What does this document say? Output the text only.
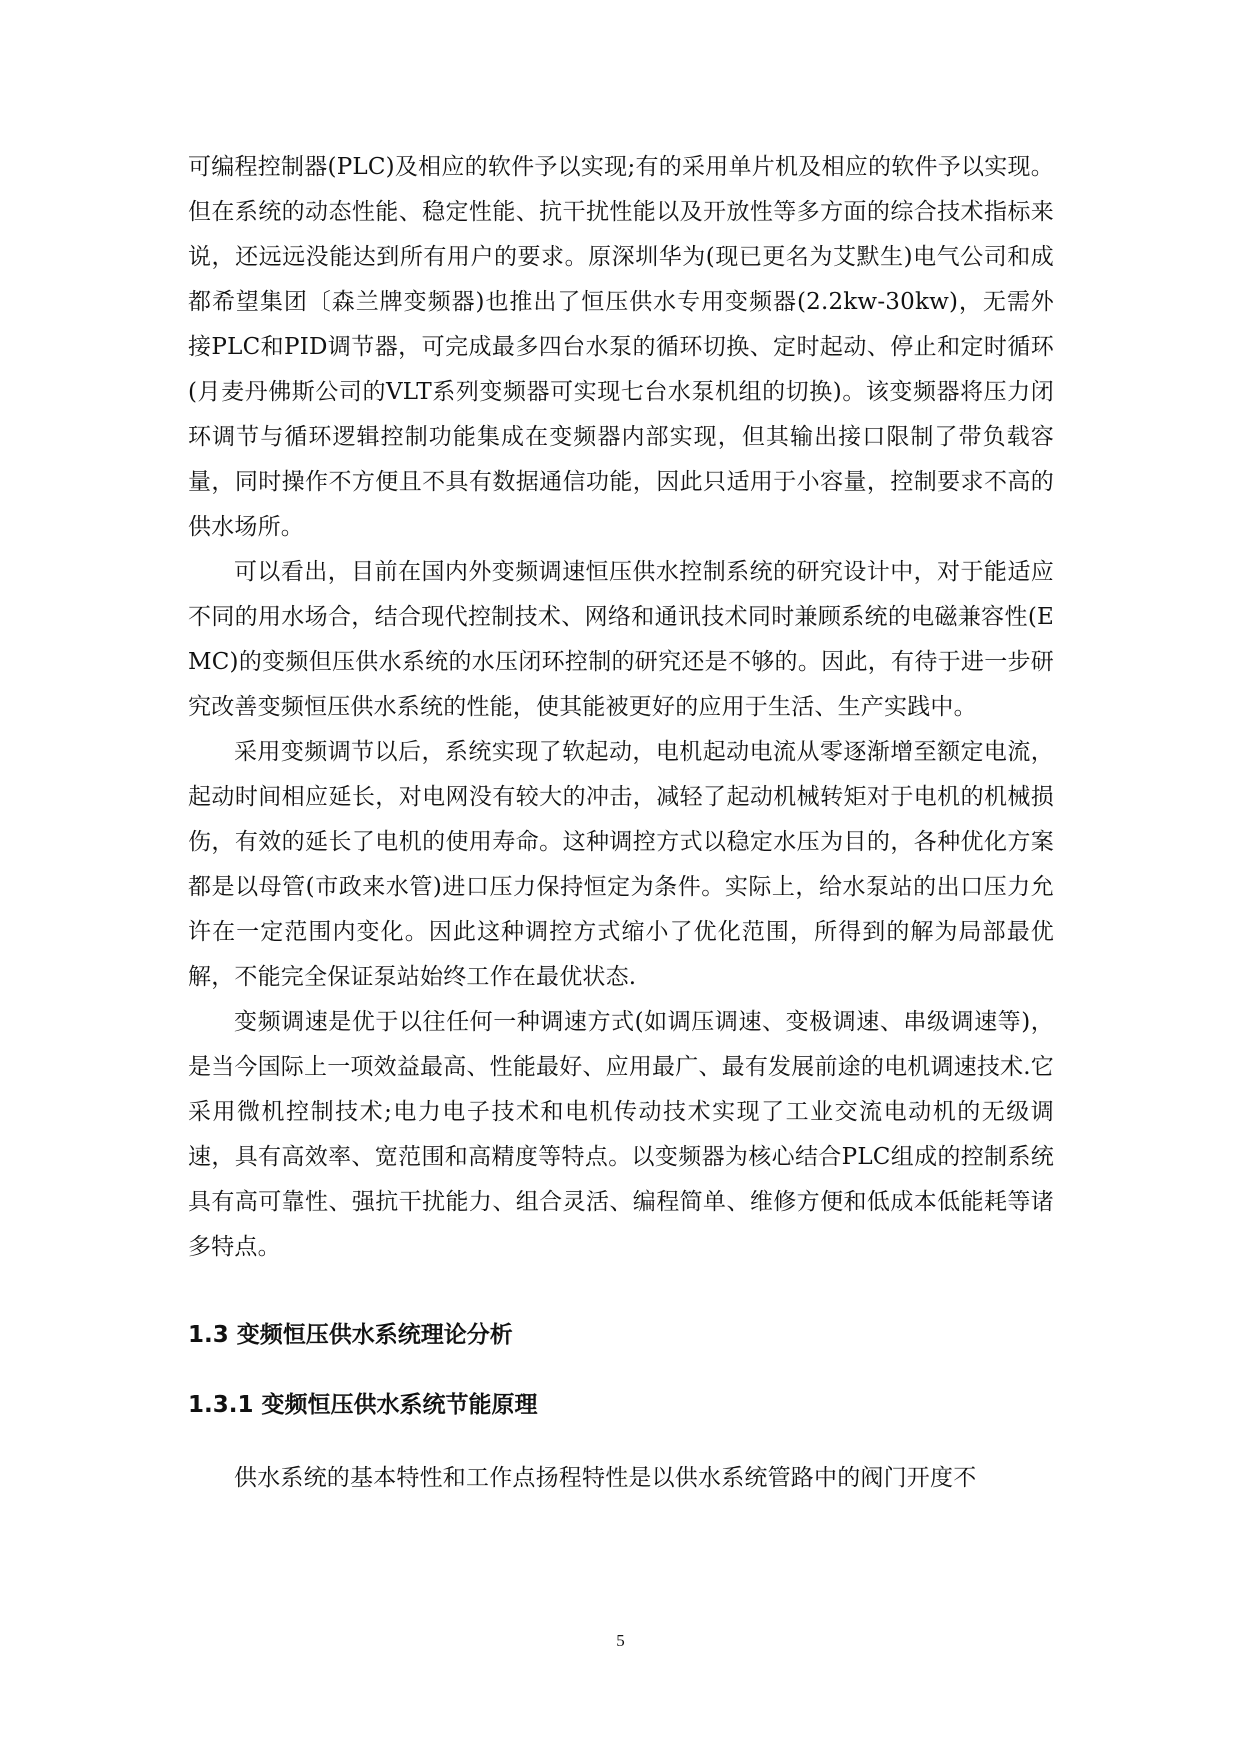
可编程控制器(PLC)及相应的软件予以实现;有的采用单片机及相应的软件予以实现。但在系统的动态性能、稳定性能、抗干扰性能以及开放性等多方面的综合技术指标来说，还远远没能达到所有用户的要求。原深圳华为(现已更名为艾默生)电气公司和成都希望集团〔森兰牌变频器)也推出了恒压供水专用变频器(2.2kw-30kw)，无需外接PLC和PID调节器，可完成最多四台水泵的循环切换、定时起动、停止和定时循环(月麦丹佛斯公司的VLT系列变频器可实现七台水泵机组的切换)。该变频器将压力闭环调节与循环逻辑控制功能集成在变频器内部实现，但其输出接口限制了带负载容量，同时操作不方便且不具有数据通信功能，因此只适用于小容量，控制要求不高的供水场所。

可以看出，目前在国内外变频调速恒压供水控制系统的研究设计中，对于能适应不同的用水场合，结合现代控制技术、网络和通讯技术同时兼顾系统的电磁兼容性(EMC)的变频但压供水系统的水压闭环控制的研究还是不够的。因此，有待于进一步研究改善变频恒压供水系统的性能，使其能被更好的应用于生活、生产实践中。

采用变频调节以后，系统实现了软起动，电机起动电流从零逐渐增至额定电流，起动时间相应延长，对电网没有较大的冲击，减轻了起动机械转矩对于电机的机械损伤，有效的延长了电机的使用寿命。这种调控方式以稳定水压为目的，各种优化方案都是以母管(市政来水管)进口压力保持恒定为条件。实际上，给水泵站的出口压力允许在一定范围内变化。因此这种调控方式缩小了优化范围，所得到的解为局部最优解，不能完全保证泵站始终工作在最优状态.

变频调速是优于以往任何一种调速方式(如调压调速、变极调速、串级调速等)，是当今国际上一项效益最高、性能最好、应用最广、最有发展前途的电机调速技术.它采用微机控制技术;电力电子技术和电机传动技术实现了工业交流电动机的无级调速，具有高效率、宽范围和高精度等特点。以变频器为核心结合PLC组成的控制系统具有高可靠性、强抗干扰能力、组合灵活、编程简单、维修方便和低成本低能耗等诸多特点。

1.3 变频恒压供水系统理论分析
1.3.1 变频恒压供水系统节能原理

供水系统的基本特性和工作点扬程特性是以供水系统管路中的阀门开度不

5
